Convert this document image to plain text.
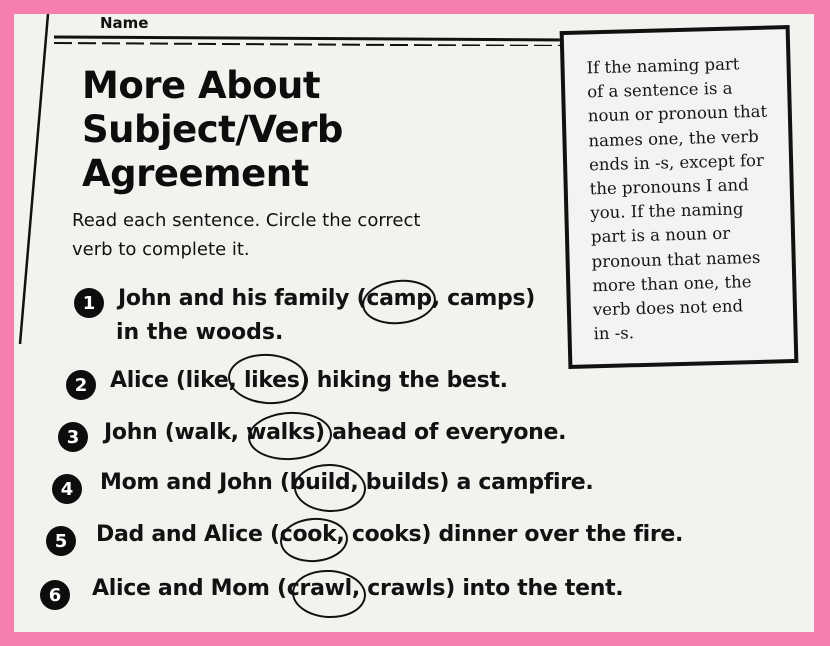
Name
More About
Subject/Verb
Agreement
Read each sentence. Circle the correct
verb to complete it.
If the naming part
of a sentence is a
noun or pronoun that
names one, the verb
ends in -s, except for
the pronouns I and
you. If the naming
part is a noun or
pronoun that names
more than one, the
verb does not end
in -s.
1	John and his family (camp, camps)
in the woods.
2	Alice (like, likes) hiking the best.
3	John (walk, walks) ahead of everyone.
4	Mom and John (build, builds) a campfire.
5	Dad and Alice (cook, cooks) dinner over the fire.
6	Alice and Mom (crawl, crawls) into the tent.
